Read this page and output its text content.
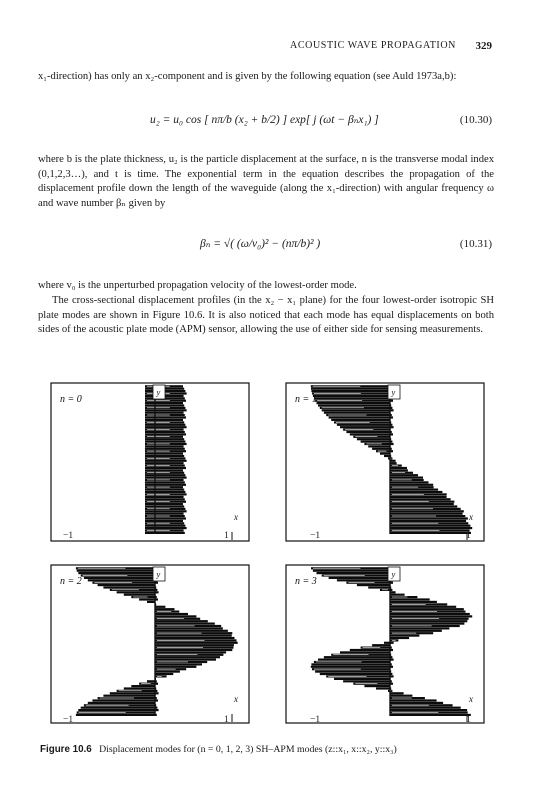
ACOUSTIC WAVE PROPAGATION 329

x₁-direction) has only an x₂-component and is given by the following equation (see Auld 1973a,b):

u₂ = u₀ cos [ nπ/b (x₂ + b/2) ] exp[ j (ωt − βₙx₁) ]	(10.30)

where b is the plate thickness, u₂ is the particle displacement at the surface, n is the transverse modal index (0,1,2,3…), and t is time. The exponential term in the equation describes the propagation of the displacement profile down the length of the waveguide (along the x₁-direction) with angular frequency ω and wave number βₙ given by

βₙ = √( (ω/v₀)² − (nπ/b)² )	(10.31)

where v₀ is the unperturbed propagation velocity of the lowest-order mode.

The cross-sectional displacement profiles (in the x₂ − x₁ plane) for the four lowest-order isotropic SH plate modes are shown in Figure 10.6. It is also noticed that each mode has equal displacements on both sides of the acoustic plate mode (APM) sensor, allowing the use of either side for sensing measurements.

n = 0
y
x
n = 1
y
x
n = 2
y
x
n = 3
y
x
−1	1	−1	1
−1	1	−1	1
Figure 10.6 Displacement modes for (n = 0, 1, 2, 3) SH–APM modes (z::x₁, x::x₂, y::x₃)
